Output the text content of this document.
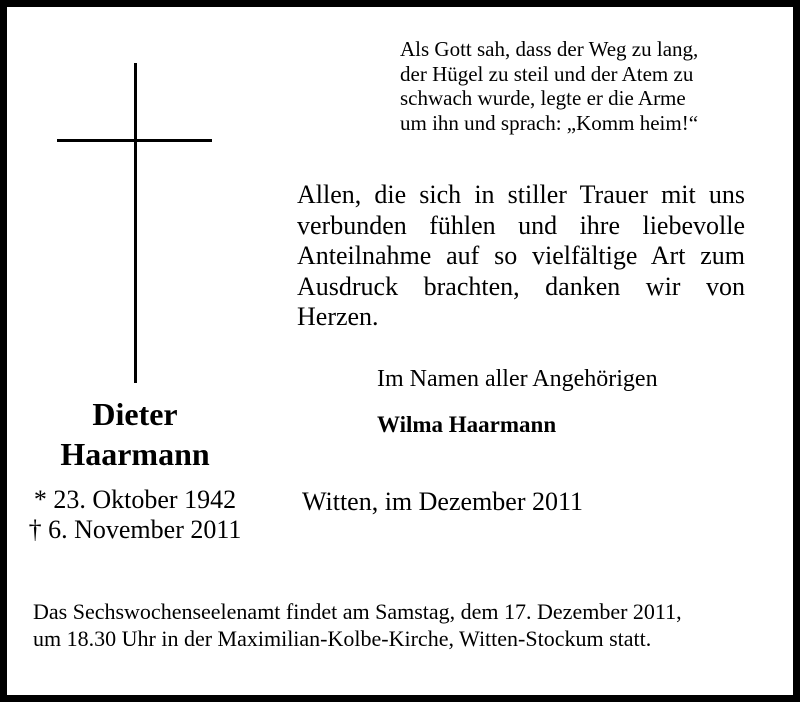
Als Gott sah, dass der Weg zu lang,
der Hügel zu steil und der Atem zu
schwach wurde, legte er die Arme
um ihn und sprach: „Komm heim!“
Allen, die sich in stiller Trauer mit uns
verbunden fühlen und ihre liebevolle
Anteilnahme auf so vielfältige Art zum
Ausdruck brachten, danken wir von
Herzen.
Dieter
Haarmann
* 23. Oktober 1942
† 6. November 2011
Im Namen aller Angehörigen
Wilma Haarmann
Witten, im Dezember 2011
Das Sechswochenseelenamt findet am Samstag, dem 17. Dezember 2011,
um 18.30 Uhr in der Maximilian-Kolbe-Kirche, Witten-Stockum statt.
